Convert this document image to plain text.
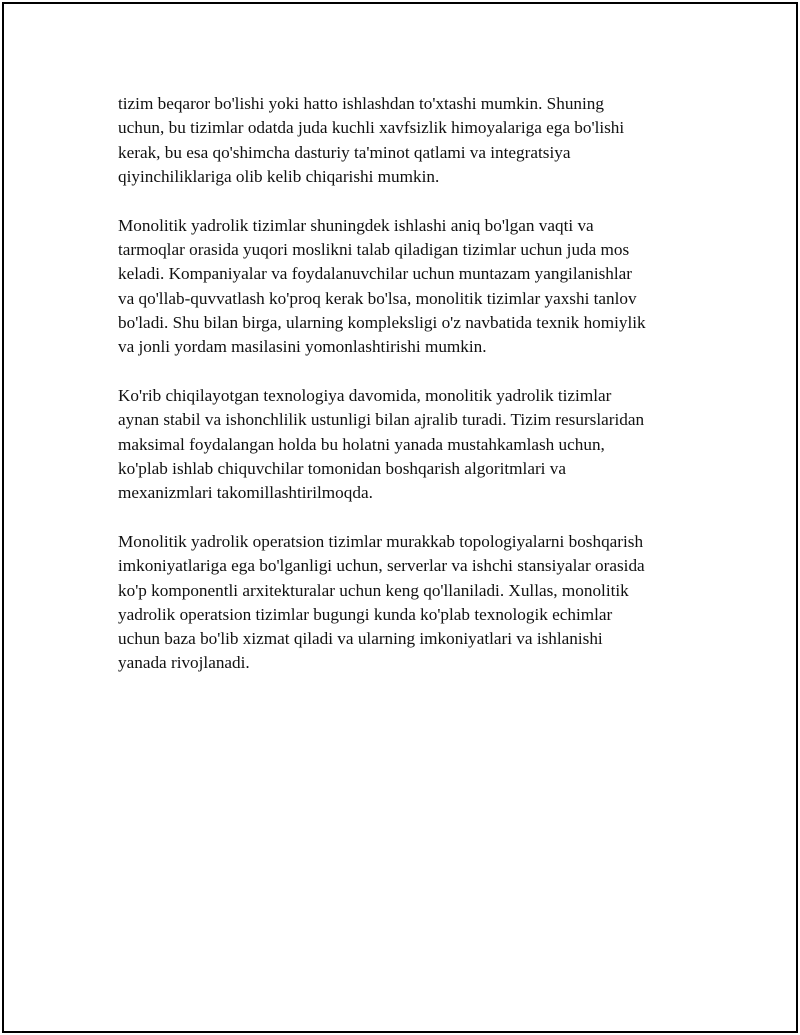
tizim beqaror bo'lishi yoki hatto ishlashdan to'xtashi mumkin. Shuning
uchun, bu tizimlar odatda juda kuchli xavfsizlik himoyalariga ega bo'lishi
kerak, bu esa qo'shimcha dasturiy ta'minot qatlami va integratsiya
qiyinchiliklariga olib kelib chiqarishi mumkin.

Monolitik yadrolik tizimlar shuningdek ishlashi aniq bo'lgan vaqti va
tarmoqlar orasida yuqori moslikni talab qiladigan tizimlar uchun juda mos
keladi. Kompaniyalar va foydalanuvchilar uchun muntazam yangilanishlar
va qo'llab-quvvatlash ko'proq kerak bo'lsa, monolitik tizimlar yaxshi tanlov
bo'ladi. Shu bilan birga, ularning kompleksligi o'z navbatida texnik homiylik
va jonli yordam masilasini yomonlashtirishi mumkin.

Ko'rib chiqilayotgan texnologiya davomida, monolitik yadrolik tizimlar
aynan stabil va ishonchlilik ustunligi bilan ajralib turadi. Tizim resurslaridan
maksimal foydalangan holda bu holatni yanada mustahkamlash uchun,
ko'plab ishlab chiquvchilar tomonidan boshqarish algoritmlari va
mexanizmlari takomillashtirilmoqda.

Monolitik yadrolik operatsion tizimlar murakkab topologiyalarni boshqarish
imkoniyatlariga ega bo'lganligi uchun, serverlar va ishchi stansiyalar orasida
ko'p komponentli arxitekturalar uchun keng qo'llaniladi. Xullas, monolitik
yadrolik operatsion tizimlar bugungi kunda ko'plab texnologik echimlar
uchun baza bo'lib xizmat qiladi va ularning imkoniyatlari va ishlanishi
yanada rivojlanadi.
